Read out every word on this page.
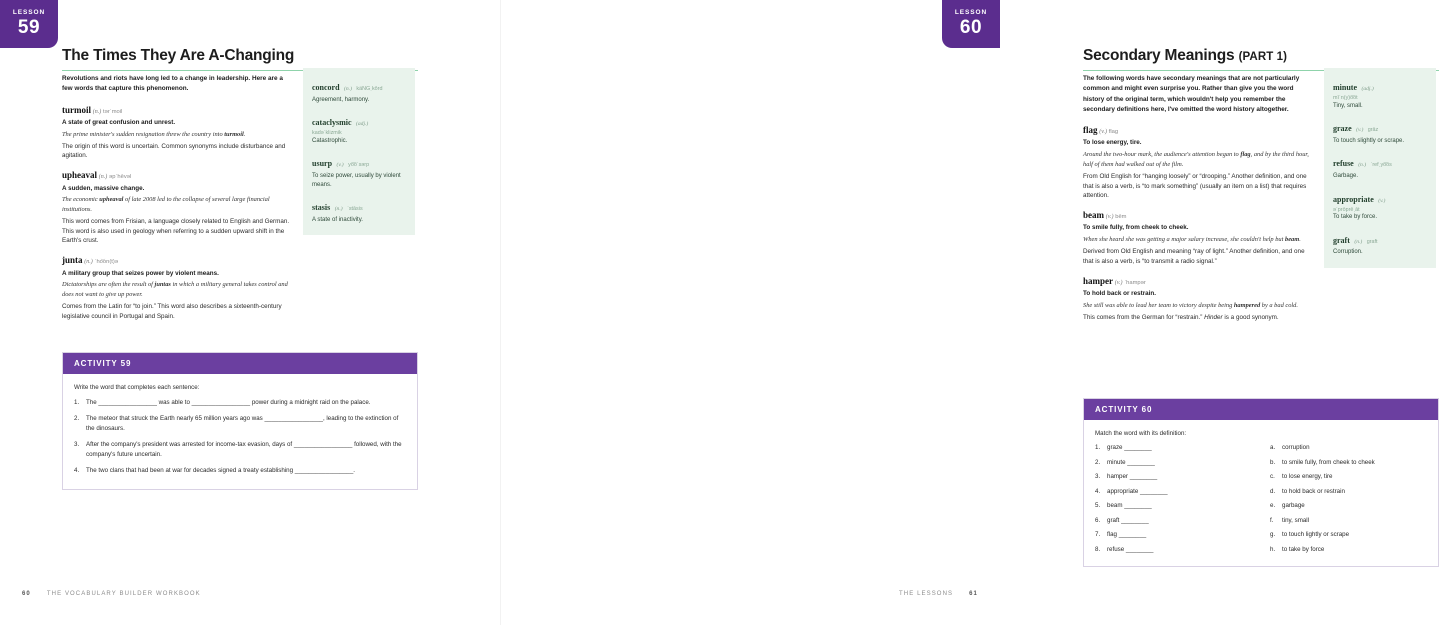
LESSON
59
The Times They Are A-Changing

Revolutions and riots have long led to a change in leadership. Here are a few words that capture this phenomenon.

turmoil (n.) tərˈmoil
A state of great confusion and unrest.

The prime minister's sudden resignation threw the country into turmoil.

The origin of this word is uncertain. Common synonyms include disturbance and agitation.

upheaval (n.) əpˈhēvəl
A sudden, massive change.

The economic upheaval of late 2008 led to the collapse of several large financial institutions.

This word comes from Frisian, a language closely related to English and German. This word is also used in geology when referring to a sudden upward shift in the Earth's crust.

junta (n.) ˈho͝on(t)ə
A military group that seizes power by violent means.

Dictatorships are often the result of juntas in which a military general takes control and does not want to give up power.

Comes from the Latin for “to join.” This word also describes a sixteenth-century legislative council in Portugal and Spain.

concord (n.) käNGˌkôrd
Agreement, harmony.
cataclysmic (adj.)
kadəˈklizmik
Catastrophic.
usurp (v.) yo͞oˈsərp
To seize power, usually by violent means.
stasis (n.) ˈstāsis
A state of inactivity.
ACTIVITY 59
Write the word that completes each sentence:
1.	The _________________ was able to _________________ power during a midnight raid on the palace.
2.	The meteor that struck the Earth nearly 65 million years ago was _________________, leading to the extinction of the dinosaurs.
3.	After the company's president was arrested for income-tax evasion, days of _________________ followed, with the company's future uncertain.
4.	The two clans that had been at war for decades signed a treaty establishing _________________.
60	THE VOCABULARY BUILDER WORKBOOK
LESSON
60
Secondary Meanings (PART 1)

The following words have secondary meanings that are not particularly common and might even surprise you. Rather than give you the word history of the original term, which wouldn't help you remember the secondary definitions here, I've omitted the word history altogether.

flag (v.) flag
To lose energy, tire.

Around the two-hour mark, the audience's attention began to flag, and by the third hour, half of them had walked out of the film.

From Old English for “hanging loosely” or “drooping.” Another definition, and one that is also a verb, is “to mark something” (usually an item on a list) that requires attention.

beam (v.) bēm
To smile fully, from cheek to cheek.

When she heard she was getting a major salary increase, she couldn't help but beam.

Derived from Old English and meaning “ray of light.” Another definition, and one that is also a verb, is “to transmit a radio signal.”

hamper (v.) ˈhampər
To hold back or restrain.

She still was able to lead her team to victory despite being hampered by a bad cold.

This comes from the German for “restrain.” Hinder is a good synonym.

minute (adj.)
mīˈn(y)o͞ot
Tiny, small.
graze (v.) grāz
To touch slightly or scrape.
refuse (n.) ˈrefˌyo͞os
Garbage.
appropriate (v.)
əˈprōprēˌāt
To take by force.
graft (n.) graft
Corruption.
ACTIVITY 60
Match the word with its definition:
1.	graze ________
2.	minute ________
3.	hamper ________
4.	appropriate ________
5.	beam ________
6.	graft ________
7.	flag ________
8.	refuse ________
a.	corruption
b.	to smile fully, from cheek to cheek
c.	to lose energy, tire
d.	to hold back or restrain
e.	garbage
f.	tiny, small
g.	to touch lightly or scrape
h.	to take by force
THE LESSONS	61
